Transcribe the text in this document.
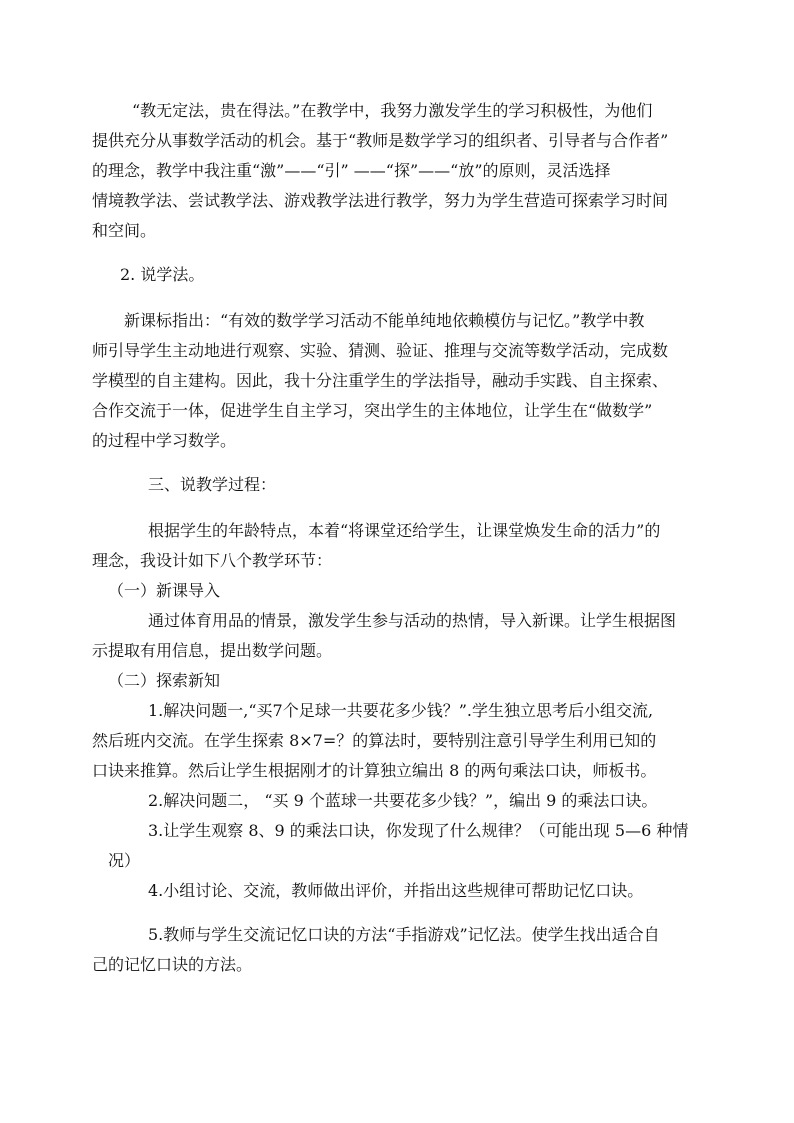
“教无定法，贵在得法。”在教学中，我努力激发学生的学习积极性，为他们
提供充分从事数学活动的机会。基于“教师是数学学习的组织者、引导者与合作者”
的理念，教学中我注重“激”——“引” ——“探”——“放”的原则，灵活选择
情境教学法、尝试教学法、游戏教学法进行教学，努力为学生营造可探索学习时间
和空间。
2. 说学法。
新课标指出：“有效的数学学习活动不能单纯地依赖模仿与记忆。”教学中教
师引导学生主动地进行观察、实验、猜测、验证、推理与交流等数学活动，完成数
学模型的自主建构。因此，我十分注重学生的学法指导，融动手实践、自主探索、
合作交流于一体，促进学生自主学习，突出学生的主体地位，让学生在“做数学”
的过程中学习数学。
三、说教学过程：
根据学生的年龄特点，本着“将课堂还给学生，让课堂焕发生命的活力”的
理念，我设计如下八个教学环节：
（一）新课导入
通过体育用品的情景，激发学生参与活动的热情，导入新课。让学生根据图
示提取有用信息，提出数学问题。
（二）探索新知
1.解决问题一,“买7个足球一共要花多少钱？”.学生独立思考后小组交流,
然后班内交流。在学生探索 8×7=？的算法时，要特别注意引导学生利用已知的
口诀来推算。然后让学生根据刚才的计算独立编出 8 的两句乘法口诀，师板书。
2.解决问题二， “买 9 个蓝球一共要花多少钱？”，编出 9 的乘法口诀。
3.让学生观察 8、9 的乘法口诀，你发现了什么规律？（可能出现 5—6 种情
况）
4.小组讨论、交流，教师做出评价，并指出这些规律可帮助记忆口诀。
5.教师与学生交流记忆口诀的方法“手指游戏”记忆法。使学生找出适合自
己的记忆口诀的方法。
